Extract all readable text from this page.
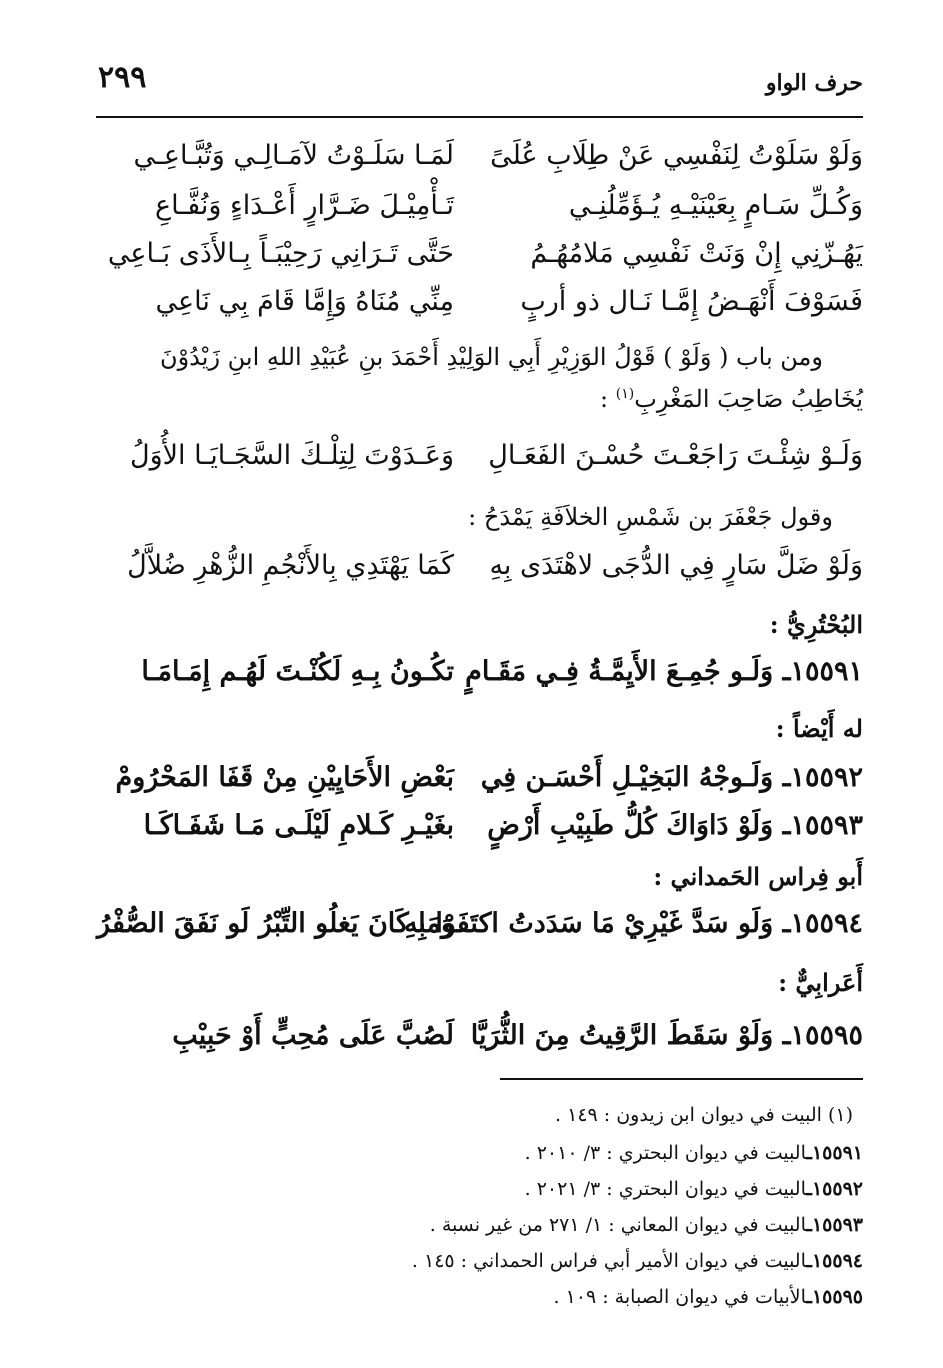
حرف الواو
٢٩٩
وَلَوْ سَلَوْتُ لِنَفْسِي عَنْ طِلَابِ عُلَىً
لَمَـا سَلَـوْتُ لآمَـالِـي وَتُبَّـاعِـي
وَكُـلِّ سَـامٍ بِعَيْنَيْـهِ يُـؤَمِّلُنِـي
تَـأْمِيْـلَ ضَـرَّارٍ أَعْـدَاءٍ وَنُفَّـاعِ
يَهُـزّنِي إِنْ وَنَتْ نَفْسِي مَلامُهُـمُ
حَتَّى تَـرَانِي رَحِيْبَـاً بِـالأَذَى بَـاعِي
فَسَوْفَ أَنْهَـضُ إِمَّـا نَـال ذو أربٍ
مِنِّي مُنَاهُ وَإِمَّا قَامَ بِي نَاعِي
ومن باب ( وَلَوْ ) قَوْلُ الوَزِيْرِ أَبِي الوَلِيْدِ أَحْمَدَ بنِ عُبَيْدِ اللهِ ابنِ زَيْدُوْنَ يُخَاطِبُ صَاحِبَ المَغْرِبِ$^{(١)}$ :
وَلَـوْ شِئْـتَ رَاجَعْـتَ حُسْـنَ الفَعَـالِ
وَعَـدَوْتَ لِتِلْـكَ السَّجَـايَـا الأُوَلُ
وقول جَعْفَرَ بن شَمْسِ الخلاَفَةِ يَمْدَحُ :
وَلَوْ ضَلَّ سَارٍ فِي الدُّجَى لاهْتَدَى بِهِ
كَمَا يَهْتَدِي بِالأَنْجُمِ الزُّهْرِ ضُلاَّلُ
البُحْتُرِيُّ :
١٥٥٩١ـ وَلَـو جُمِـعَ الأَيِمَّـةُ فِـي مَقَـامٍ
تكُـونُ بِـهِ لَكُنْـتَ لَهُـم إِمَـامَـا
له أَيْضاً :
١٥٥٩٢ـ وَلَـوجْهُ البَخِيْـلِ أَحْسَـن فِي
بَعْضِ الأَحَايِيْنِ مِنْ قَفَا المَحْرُومْ
١٥٥٩٣ـ وَلَوْ دَاوَاكَ كُلُّ طَبِيْبِ أَرْضٍ
بغَيْـرِ كَـلامِ لَيْلَـى مَـا شَفَـاكَـا
أَبو فِراس الحَمداني :
١٥٥٩٤ـ وَلَو سَدَّ غَيْرِيْ مَا سَدَدتُ اكتَفَوْا بِهِ
وَمَا كَانَ يَغلُو التِّبْرُ لَو نَفَقَ الصُّفْرُ
أَعَرابِيٌّ :
١٥٥٩٥ـ وَلَوْ سَقَطَ الرَّقِيتُ مِنَ الثُّرَيَّا
لَصُبَّ عَلَى مُحِبٍّ أَوْ حَبِيْبِ
(١) البيت في ديوان ابن زيدون : ١٤٩ .
١٥٥٩١ـالبيت في ديوان البحتري : ٣/ ٢٠١٠ .
١٥٥٩٢ـالبيت في ديوان البحتري : ٣/ ٢٠٢١ .
١٥٥٩٣ـالبيت في ديوان المعاني : ١/ ٢٧١ من غير نسبة .
١٥٥٩٤ـالبيت في ديوان الأمير أبي فراس الحمداني : ١٤٥ .
١٥٥٩٥ـالأبيات في ديوان الصبابة : ١٠٩ .
